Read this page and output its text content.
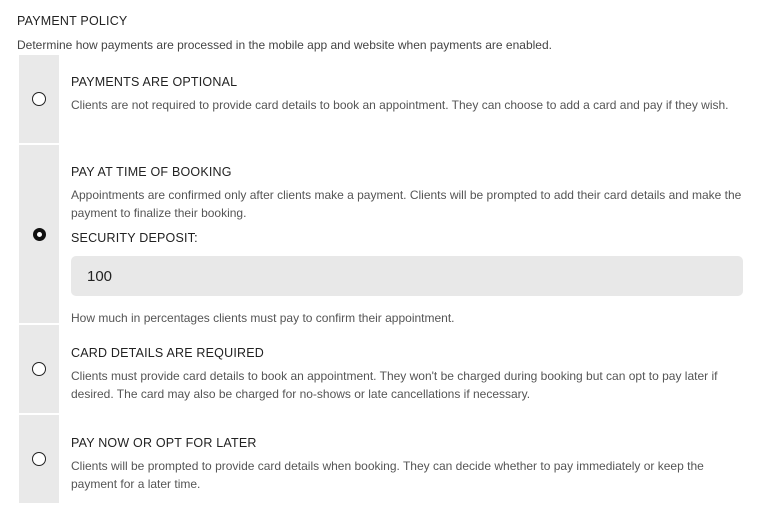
PAYMENT POLICY
Determine how payments are processed in the mobile app and website when payments are enabled.
PAYMENTS ARE OPTIONAL
Clients are not required to provide card details to book an appointment. They can choose to add a card and pay if they wish.
PAY AT TIME OF BOOKING
Appointments are confirmed only after clients make a payment. Clients will be prompted to add their card details and make the payment to finalize their booking.
SECURITY DEPOSIT:
100
How much in percentages clients must pay to confirm their appointment.
CARD DETAILS ARE REQUIRED
Clients must provide card details to book an appointment. They won't be charged during booking but can opt to pay later if desired. The card may also be charged for no-shows or late cancellations if necessary.
PAY NOW OR OPT FOR LATER
Clients will be prompted to provide card details when booking. They can decide whether to pay immediately or keep the payment for a later time.
